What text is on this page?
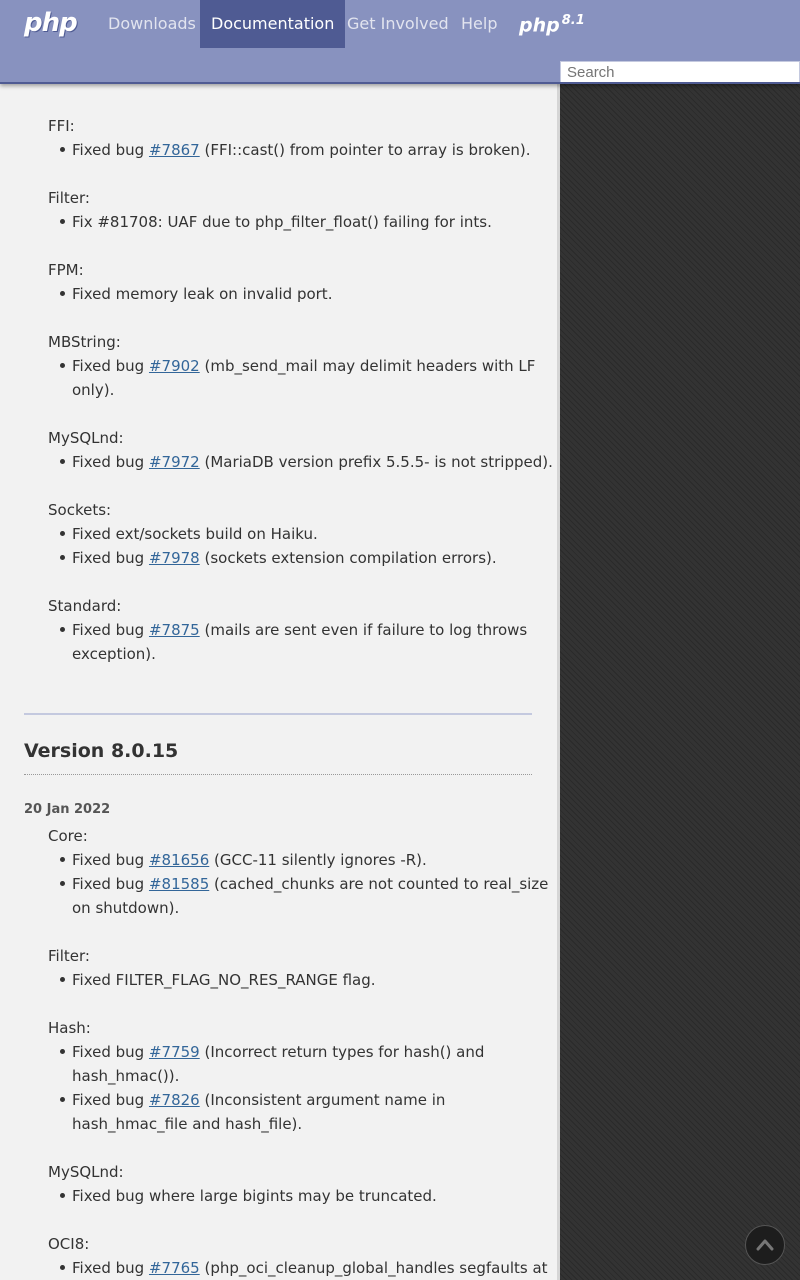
php	Downloads Documentation Get Involved Help	php $^{8.1}$
Search
FFI:
Fixed bug #7867 (FFI::cast() from pointer to array is broken).
Filter:
Fix #81708: UAF due to php_filter_float() failing for ints.
FPM:
Fixed memory leak on invalid port.
MBString:
Fixed bug #7902 (mb_send_mail may delimit headers with LF
only).
MySQLnd:
Fixed bug #7972 (MariaDB version prefix 5.5.5- is not stripped).
Sockets:
Fixed ext/sockets build on Haiku.
Fixed bug #7978 (sockets extension compilation errors).
Standard:
Fixed bug #7875 (mails are sent even if failure to log throws
exception).
Version 8.0.15
20 Jan 2022
Core:
Fixed bug #81656 (GCC-11 silently ignores -R).
Fixed bug #81585 (cached_chunks are not counted to real_size
on shutdown).
Filter:
Fixed FILTER_FLAG_NO_RES_RANGE flag.
Hash:
Fixed bug #7759 (Incorrect return types for hash() and
hash_hmac()).
Fixed bug #7826 (Inconsistent argument name in
hash_hmac_file and hash_file).
MySQLnd:
Fixed bug where large bigints may be truncated.
OCI8:
Fixed bug #7765 (php_oci_cleanup_global_handles segfaults at
